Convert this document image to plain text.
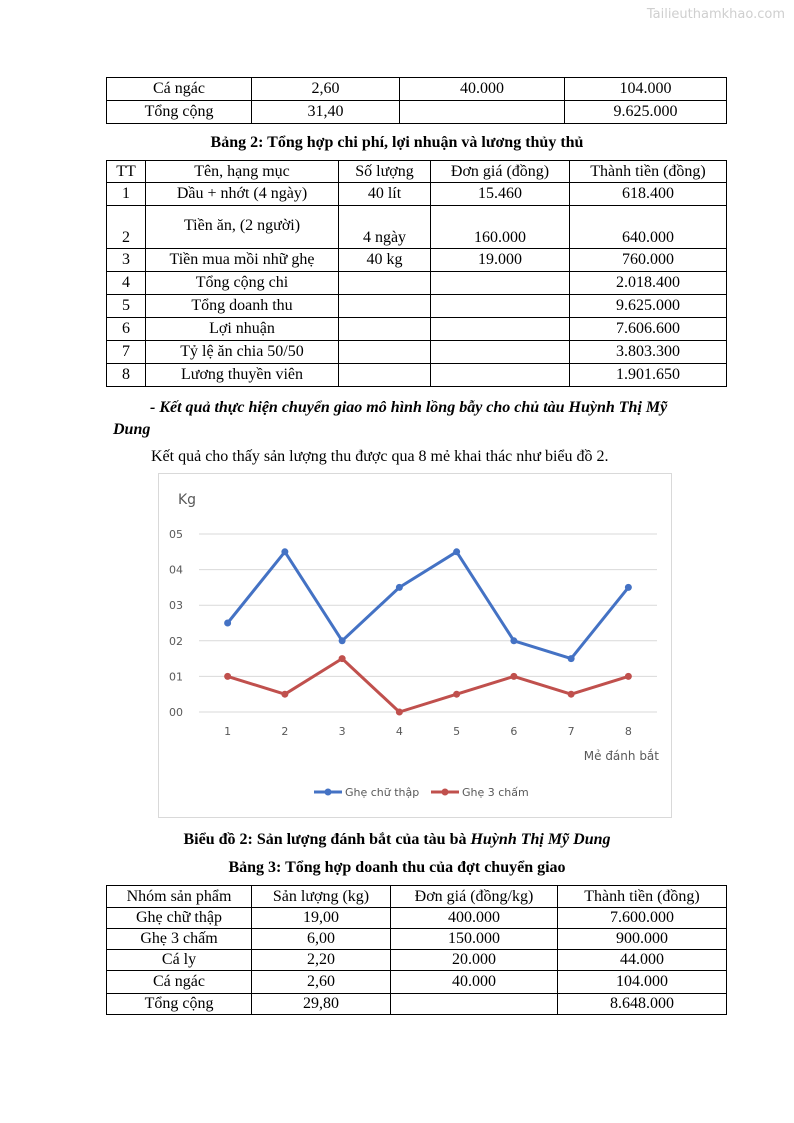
Tailieuthamkhao.com
Cá ngác	2,60	40.000	104.000
Tổng cộng	31,40		9.625.000
Bảng 2: Tổng hợp chi phí, lợi nhuận và lương thủy thủ
TT	Tên, hạng mục	Số lượng	Đơn giá (đồng)	Thành tiền (đồng)
1	Dầu + nhớt (4 ngày)	40 lít	15.460	618.400
2	Tiền ăn, (2 người)	4 ngày	160.000	640.000
3	Tiền mua mồi nhữ ghẹ	40 kg	19.000	760.000
4	Tổng cộng chi			2.018.400
5	Tổng doanh thu			9.625.000
6	Lợi nhuận			7.606.600
7	Tỷ lệ ăn chia 50/50			3.803.300
8	Lương thuyền viên			1.901.650
- Kết quả thực hiện chuyển giao mô hình lồng bẫy cho chủ tàu Huỳnh Thị Mỹ
Dung
Kết quả cho thấy sản lượng thu được qua 8 mẻ khai thác như biểu đồ 2.
00
01
02
03
04
05
1	2	3	4	5	6	7	8
Kg
Mẻ đánh bắt
Ghẹ chữ thập	Ghẹ 3 chấm
Biểu đồ 2: Sản lượng đánh bắt của tàu bà Huỳnh Thị Mỹ Dung
Bảng 3: Tổng hợp doanh thu của đợt chuyển giao
Nhóm sản phẩm	Sản lượng (kg)	Đơn giá (đồng/kg)	Thành tiền (đồng)
Ghẹ chữ thập	19,00	400.000	7.600.000
Ghẹ 3 chấm	6,00	150.000	900.000
Cá ly	2,20	20.000	44.000
Cá ngác	2,60	40.000	104.000
Tổng cộng	29,80		8.648.000
